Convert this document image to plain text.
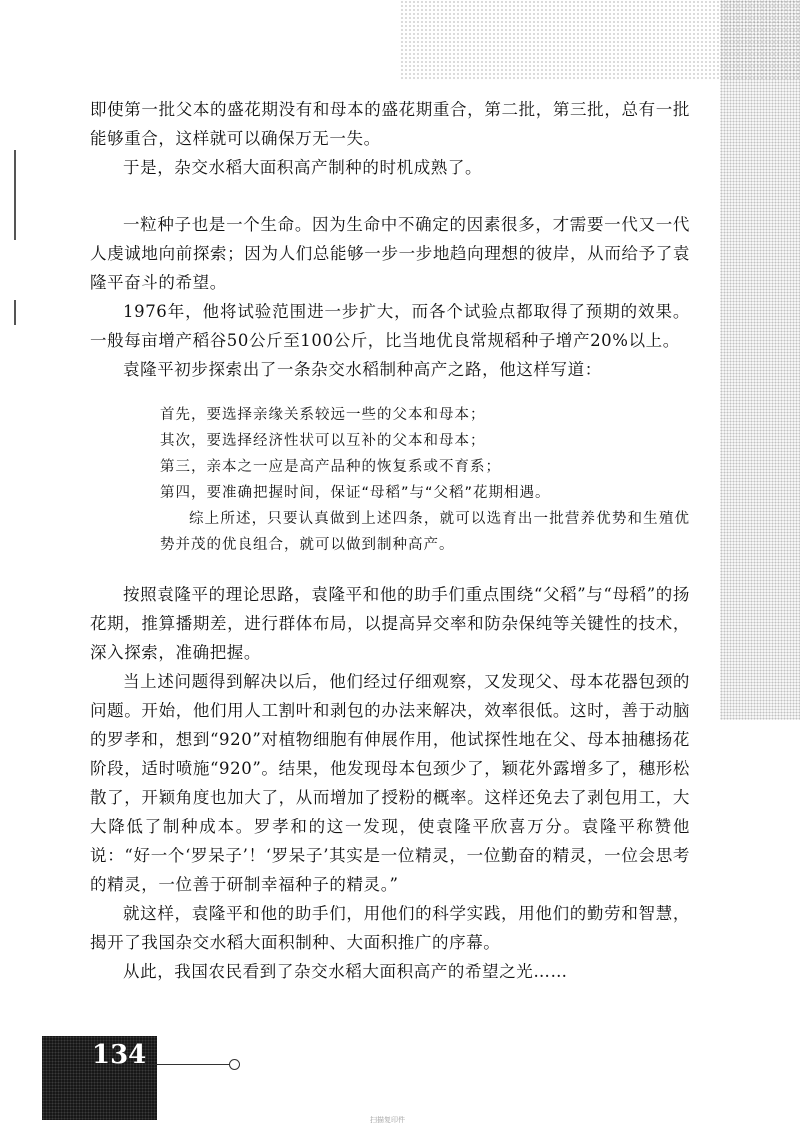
即使第一批父本的盛花期没有和母本的盛花期重合，第二批，第三批，总有一批能够重合，这样就可以确保万无一失。

于是，杂交水稻大面积高产制种的时机成熟了。

一粒种子也是一个生命。因为生命中不确定的因素很多，才需要一代又一代人虔诚地向前探索；因为人们总能够一步一步地趋向理想的彼岸，从而给予了袁隆平奋斗的希望。

1976年，他将试验范围进一步扩大，而各个试验点都取得了预期的效果。一般每亩增产稻谷50公斤至100公斤，比当地优良常规稻种子增产20%以上。

袁隆平初步探索出了一条杂交水稻制种高产之路，他这样写道：

首先，要选择亲缘关系较远一些的父本和母本；

其次，要选择经济性状可以互补的父本和母本；

第三，亲本之一应是高产品种的恢复系或不育系；

第四，要准确把握时间，保证“母稻”与“父稻”花期相遇。

综上所述，只要认真做到上述四条，就可以选育出一批营养优势和生殖优势并茂的优良组合，就可以做到制种高产。

按照袁隆平的理论思路，袁隆平和他的助手们重点围绕“父稻”与“母稻”的扬花期，推算播期差，进行群体布局，以提高异交率和防杂保纯等关键性的技术，深入探索，准确把握。

当上述问题得到解决以后，他们经过仔细观察，又发现父、母本花器包颈的问题。开始，他们用人工割叶和剥包的办法来解决，效率很低。这时，善于动脑的罗孝和，想到“920”对植物细胞有伸展作用，他试探性地在父、母本抽穗扬花阶段，适时喷施“920”。结果，他发现母本包颈少了，颖花外露增多了，穗形松散了，开颖角度也加大了，从而增加了授粉的概率。这样还免去了剥包用工，大大降低了制种成本。罗孝和的这一发现，使袁隆平欣喜万分。袁隆平称赞他说：“好一个‘罗呆子’！‘罗呆子’其实是一位精灵，一位勤奋的精灵，一位会思考的精灵，一位善于研制幸福种子的精灵。”

就这样，袁隆平和他的助手们，用他们的科学实践，用他们的勤劳和智慧，揭开了我国杂交水稻大面积制种、大面积推广的序幕。

从此，我国农民看到了杂交水稻大面积高产的希望之光……

134
扫描复印件
